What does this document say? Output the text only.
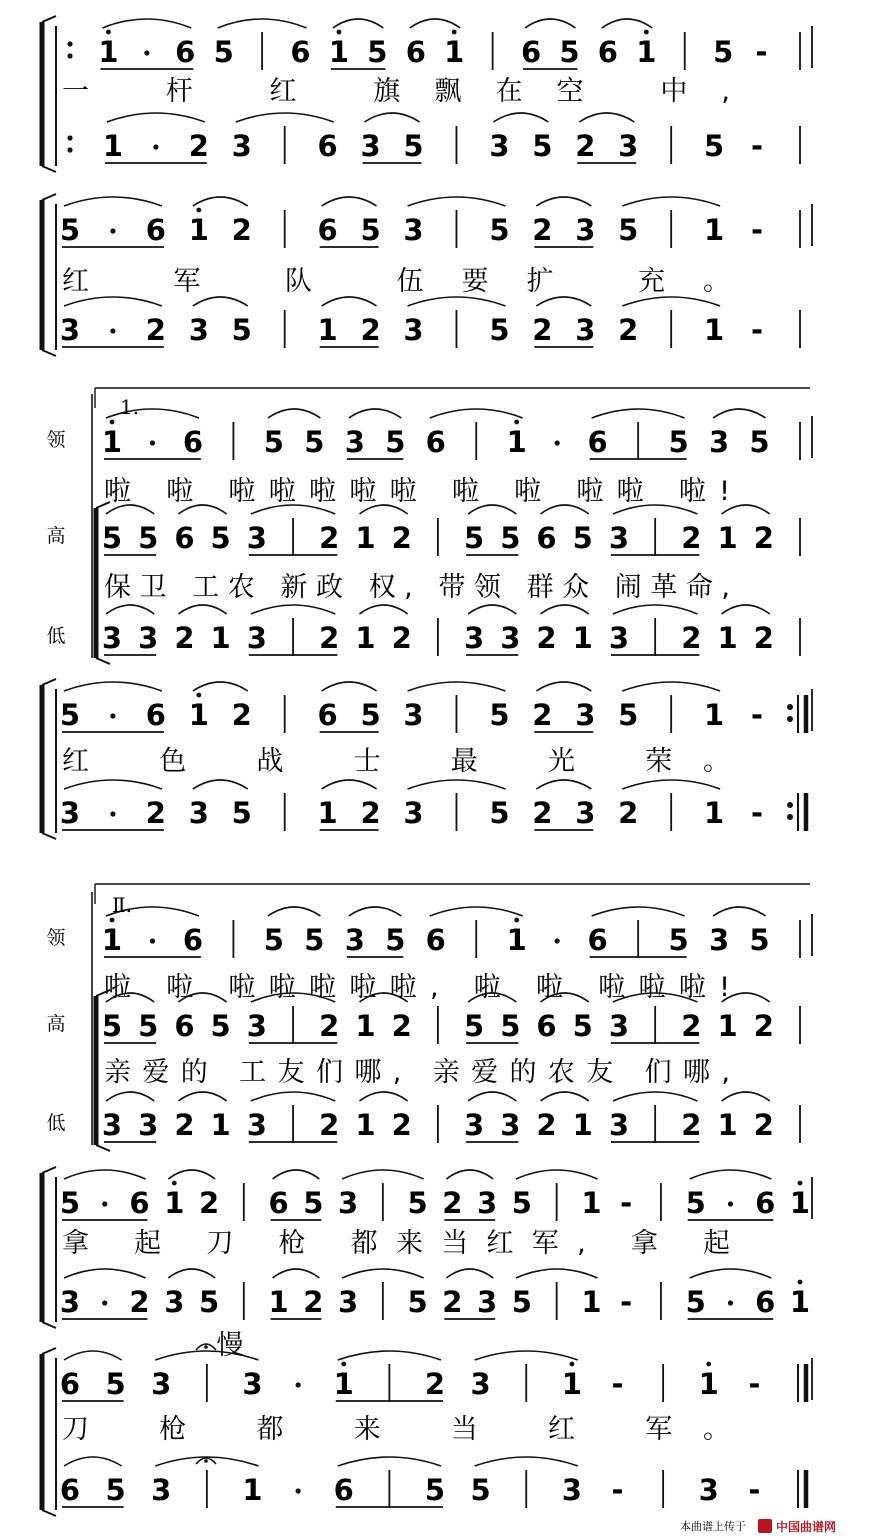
1 6 5 6 1 5 6 1 6 5 6 1 5 -
一 杆 红 旗飘在空 中,
1 2 3 6 3 5 3 5 2 3 5 -
5 6 1 2 6 5 3 5 2 3 5 1 -
红 军 队 伍要扩 充。
3 2 3 5 1 2 3 5 2 3 2 1 -
1 6 5 5 3 5 6 1 6 5 3 5
啦 啦 啦啦啦啦啦 啦 啦 啦啦 啦!
5 5 6 5 3 2 1 2 5 5 6 5 3 2 1 2
保卫 工农 新政 权, 带领 群众 闹革命,
3 3 2 1 3 2 1 2 3 3 2 1 3 2 1 2
5 6 1 2 6 5 3 5 2 3 5 1 -
红 色 战 士 最 光 荣。
3 2 3 5 1 2 3 5 2 3 2 1 -
1 6 5 5 3 5 6 1 6 5 3 5
啦 啦 啦啦啦啦啦, 啦 啦 啦啦啦!
5 5 6 5 3 2 1 2 5 5 6 5 3 2 1 2
亲爱的 工友们哪, 亲爱的农友 们哪,
3 3 2 1 3 2 1 2 3 3 2 1 3 2 1 2
5 6 1 2 6 5 3 5 2 3 5 1 - 5 6 1
拿 起 刀 枪 都来当红军, 拿 起
3 2 3 5 1 2 3 5 2 3 5 1 - 5 6 1
6 5 3 3 1 2 3 1 -	1 -
刀 枪 都 来 当 红 军。
6 5 3 1 6 5 5 3 -	3 -
领
高
低
领
高
低
1.
Ⅱ.
慢
本曲谱上传于	中国曲谱网
